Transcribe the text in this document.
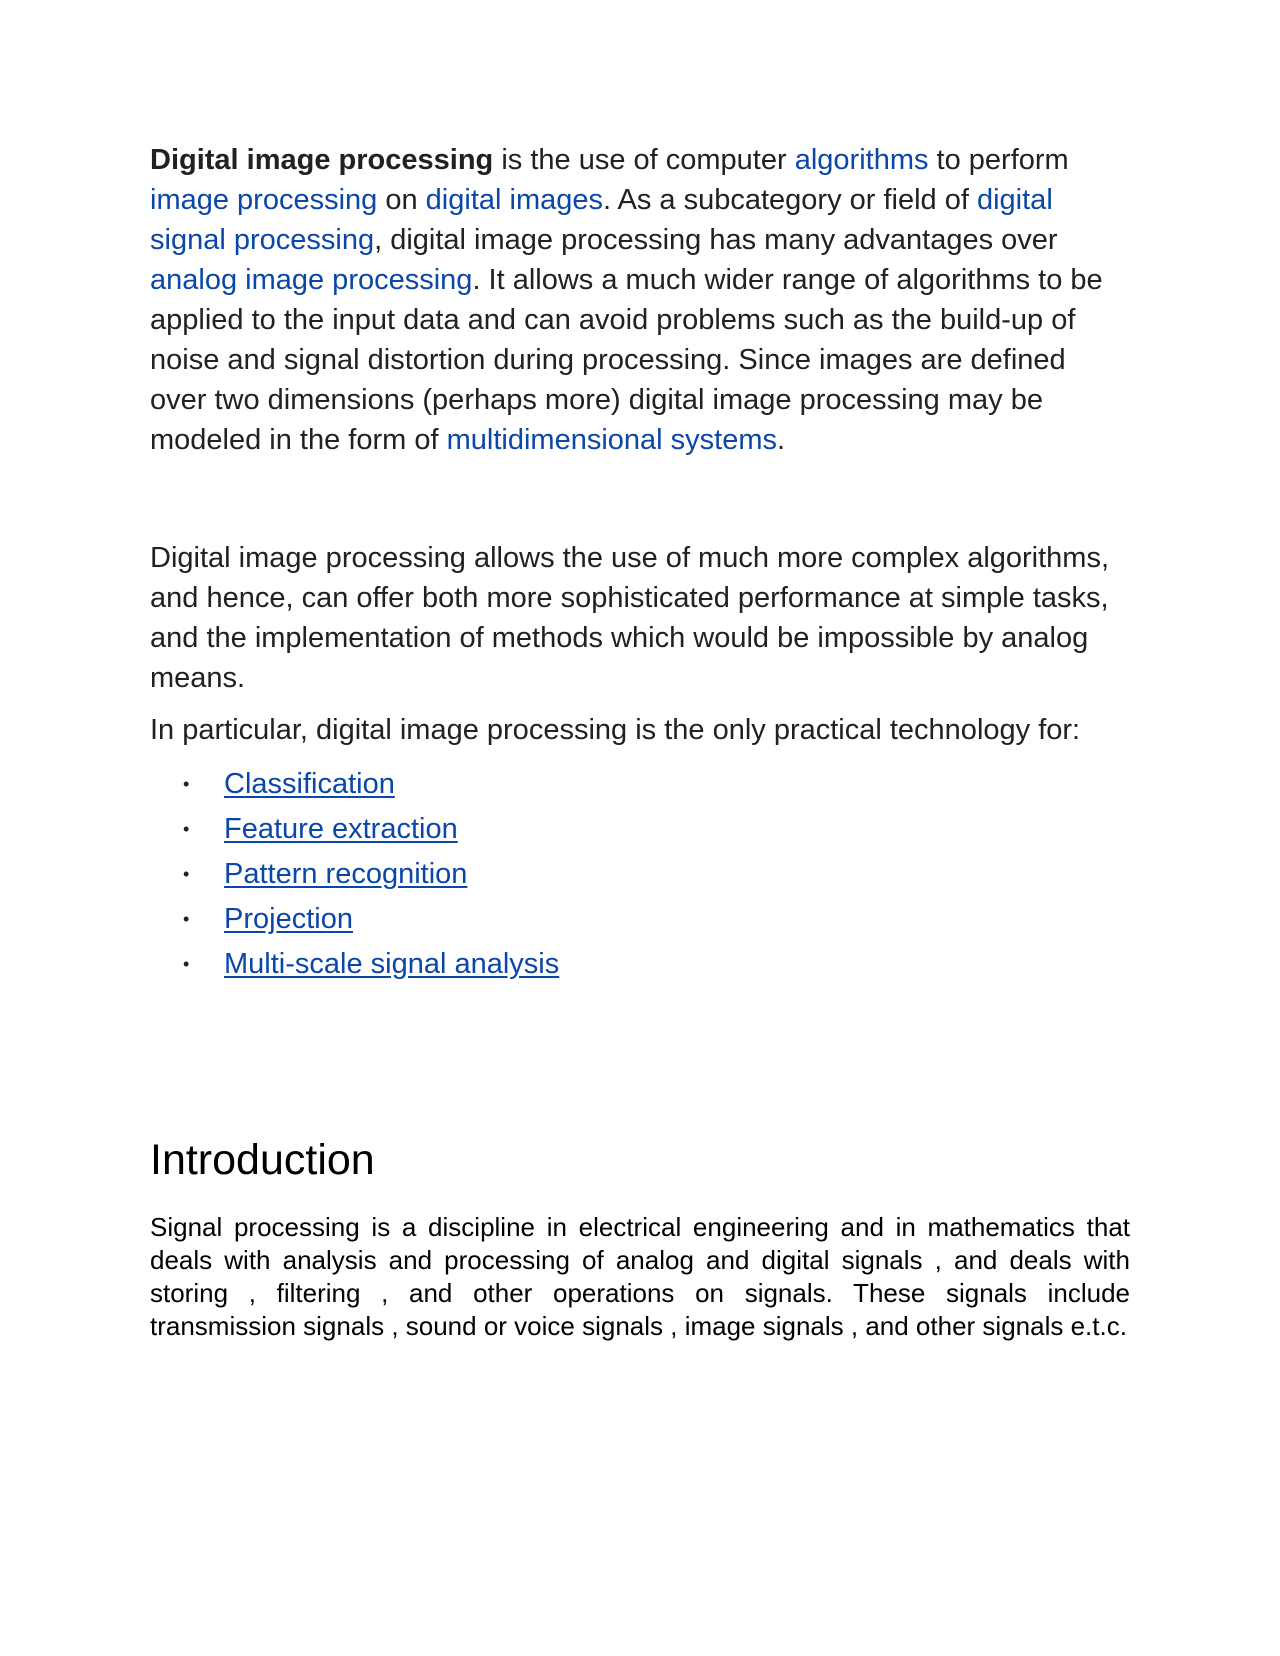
Digital image processing is the use of computer algorithms to perform image processing on digital images. As a subcategory or field of digital signal processing, digital image processing has many advantages over analog image processing. It allows a much wider range of algorithms to be applied to the input data and can avoid problems such as the build-up of noise and signal distortion during processing. Since images are defined over two dimensions (perhaps more) digital image processing may be modeled in the form of multidimensional systems.

Digital image processing allows the use of much more complex algorithms, and hence, can offer both more sophisticated performance at simple tasks, and the implementation of methods which would be impossible by analog means.

In particular, digital image processing is the only practical technology for:

• Classification
• Feature extraction
• Pattern recognition
• Projection
• Multi-scale signal analysis
Introduction

Signal processing is a discipline in electrical engineering and in mathematics that deals with analysis and processing of analog and digital signals , and deals with storing , filtering , and other operations on signals. These signals include transmission signals , sound or voice signals , image signals , and other signals e.t.c.
